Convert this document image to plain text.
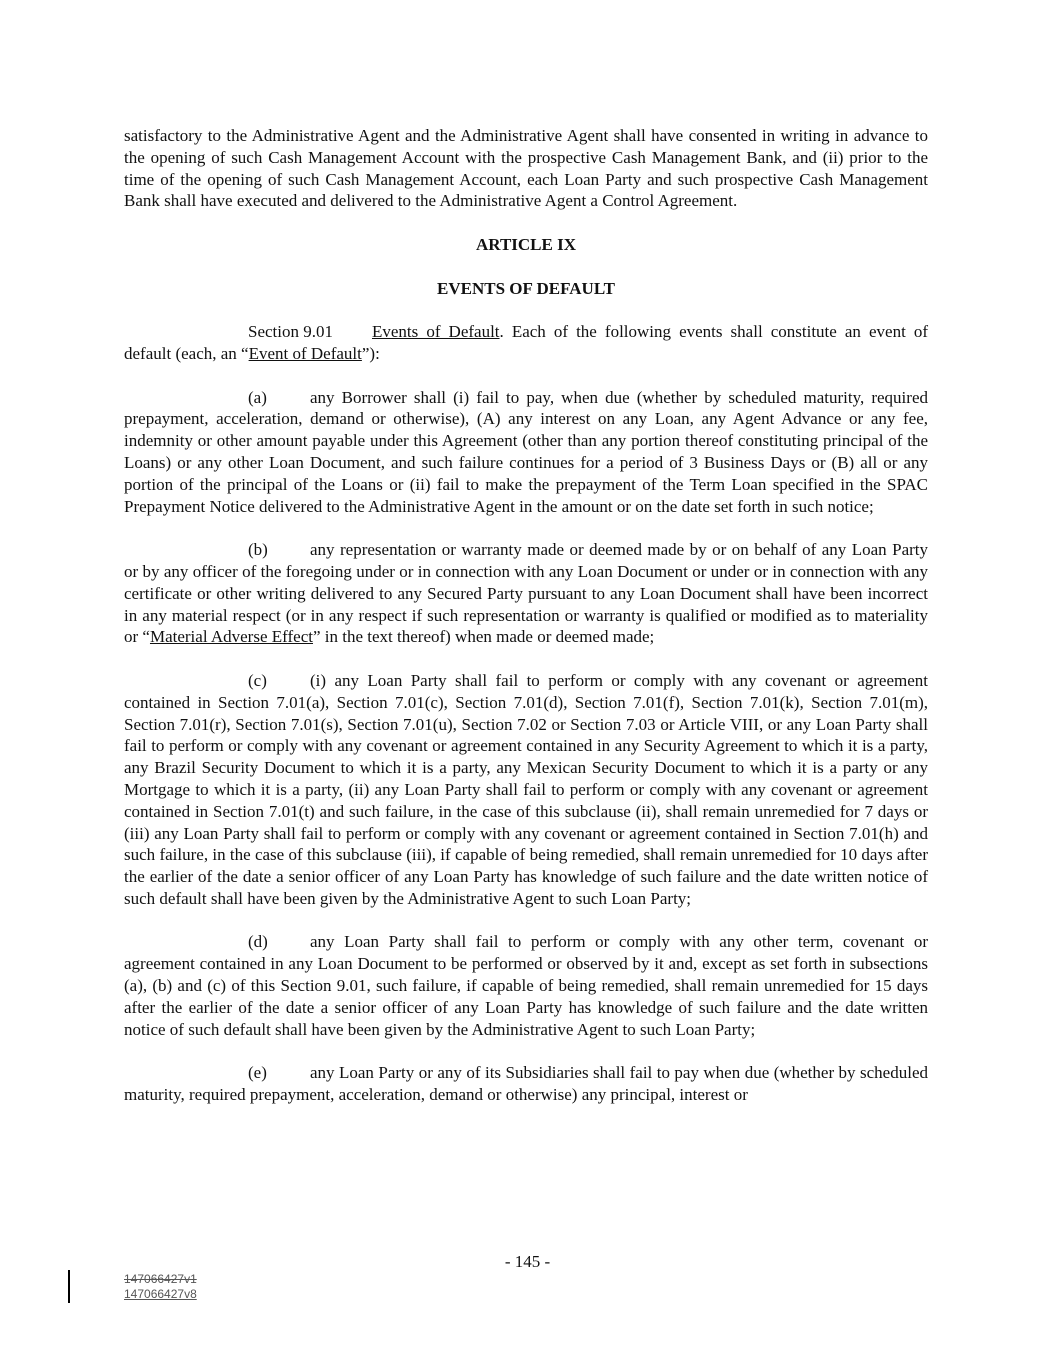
satisfactory to the Administrative Agent and the Administrative Agent shall have consented in writing in advance to the opening of such Cash Management Account with the prospective Cash Management Bank, and (ii) prior to the time of the opening of such Cash Management Account, each Loan Party and such prospective Cash Management Bank shall have executed and delivered to the Administrative Agent a Control Agreement.

ARTICLE IX

EVENTS OF DEFAULT

Section 9.01 Events of Default. Each of the following events shall constitute an event of default (each, an “Event of Default”):

(a)	any Borrower shall (i) fail to pay, when due (whether by scheduled maturity, required prepayment, acceleration, demand or otherwise), (A) any interest on any Loan, any Agent Advance or any fee, indemnity or other amount payable under this Agreement (other than any portion thereof constituting principal of the Loans) or any other Loan Document, and such failure continues for a period of 3 Business Days or (B) all or any portion of the principal of the Loans or (ii) fail to make the prepayment of the Term Loan specified in the SPAC Prepayment Notice delivered to the Administrative Agent in the amount or on the date set forth in such notice;

(b) any representation or warranty made or deemed made by or on behalf of any Loan Party or by any officer of the foregoing under or in connection with any Loan Document or under or in connection with any certificate or other writing delivered to any Secured Party pursuant to any Loan Document shall have been incorrect in any material respect (or in any respect if such representation or warranty is qualified or modified as to materiality or “Material Adverse Effect” in the text thereof) when made or deemed made;

(c)	(i) any Loan Party shall fail to perform or comply with any covenant or agreement contained in Section 7.01(a), Section 7.01(c), Section 7.01(d), Section 7.01(f), Section 7.01(k), Section 7.01(m), Section 7.01(r), Section 7.01(s), Section 7.01(u), Section 7.02 or Section 7.03 or Article VIII, or any Loan Party shall fail to perform or comply with any covenant or agreement contained in any Security Agreement to which it is a party, any Brazil Security Document to which it is a party, any Mexican Security Document to which it is a party or any Mortgage to which it is a party, (ii) any Loan Party shall fail to perform or comply with any covenant or agreement contained in Section 7.01(t) and such failure, in the case of this subclause (ii), shall remain unremedied for 7 days or (iii) any Loan Party shall fail to perform or comply with any covenant or agreement contained in Section 7.01(h) and such failure, in the case of this subclause (iii), if capable of being remedied, shall remain unremedied for 10 days after the earlier of the date a senior officer of any Loan Party has knowledge of such failure and the date written notice of such default shall have been given by the Administrative Agent to such Loan Party;

(d) any Loan Party shall fail to perform or comply with any other term, covenant or agreement contained in any Loan Document to be performed or observed by it and, except as set forth in subsections (a), (b) and (c) of this Section 9.01, such failure, if capable of being remedied, shall remain unremedied for 15 days after the earlier of the date a senior officer of any Loan Party has knowledge of such failure and the date written notice of such default shall have been given by the Administrative Agent to such Loan Party;

(e)	any Loan Party or any of its Subsidiaries shall fail to pay when due (whether by scheduled maturity, required prepayment, acceleration, demand or otherwise) any principal, interest or

- 145 -
147066427v1
147066427v8
